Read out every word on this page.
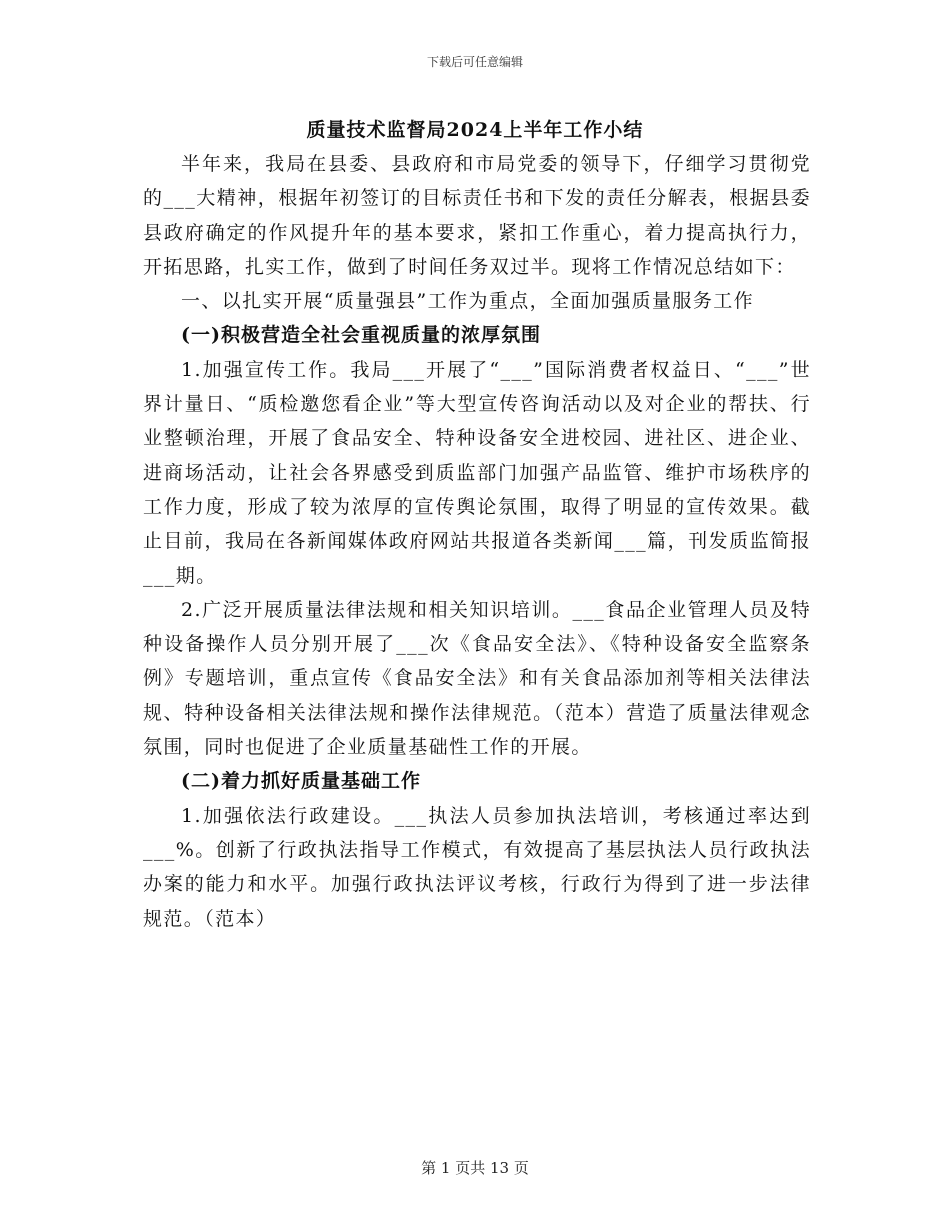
下载后可任意编辑
质量技术监督局2024上半年工作小结

半年来，我局在县委、县政府和市局党委的领导下，仔细学习贯彻党的___大精神，根据年初签订的目标责任书和下发的责任分解表，根据县委县政府确定的作风提升年的基本要求，紧扣工作重心，着力提高执行力，开拓思路，扎实工作，做到了时间任务双过半。现将工作情况总结如下：

一、以扎实开展“质量强县”工作为重点，全面加强质量服务工作

(一)积极营造全社会重视质量的浓厚氛围

1.加强宣传工作。我局___开展了“___”国际消费者权益日、“___”世界计量日、“质检邀您看企业”等大型宣传咨询活动以及对企业的帮扶、行业整顿治理，开展了食品安全、特种设备安全进校园、进社区、进企业、进商场活动，让社会各界感受到质监部门加强产品监管、维护市场秩序的工作力度，形成了较为浓厚的宣传舆论氛围，取得了明显的宣传效果。截止目前，我局在各新闻媒体政府网站共报道各类新闻___篇，刊发质监简报___期。

2.广泛开展质量法律法规和相关知识培训。___食品企业管理人员及特种设备操作人员分别开展了___次《食品安全法》、《特种设备安全监察条例》专题培训，重点宣传《食品安全法》和有关食品添加剂等相关法律法规、特种设备相关法律法规和操作法律规范。（范本）营造了质量法律观念氛围，同时也促进了企业质量基础性工作的开展。

(二)着力抓好质量基础工作

1.加强依法行政建设。___执法人员参加执法培训，考核通过率达到___%。创新了行政执法指导工作模式，有效提高了基层执法人员行政执法办案的能力和水平。加强行政执法评议考核，行政行为得到了进一步法律规范。（范本）

第 1 页共 13 页
